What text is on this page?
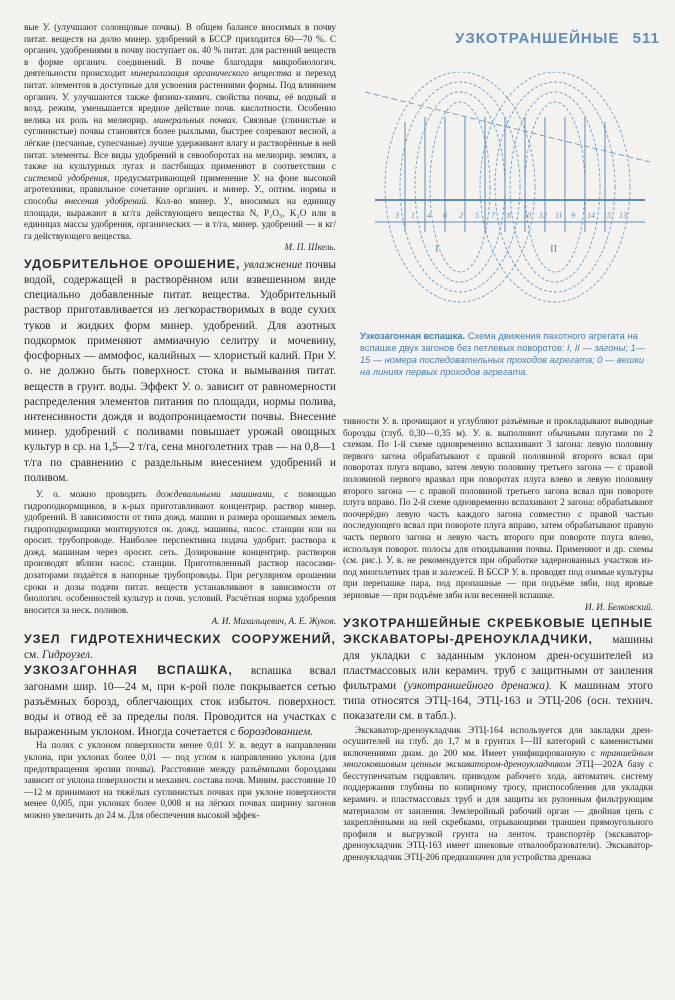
УЗКОТРАНШЕЙНЫЕ 511

вые У. (улучшают солонцовые почвы). В общем балансе вносимых в почву питат. веществ на долю минер. удобрений в БССР приходится 60—70 %. С органич. удобрениями в почву поступает ок. 40 % питат. для растений веществ в форме органич. соединений. В почве благодаря микробиологич. деятельности происходит минерализация органического вещества и переход питат. элементов в доступные для усвоения растениями формы. Под влиянием органич. У. улучшаются также физико-химич. свойства почвы, её водный и возд. режим, уменьшается вредное действие почв. кислотности. Особенно велика их роль на мелиорир. минеральных почвах. Связные (глинистые и суглинистые) почвы становятся более рыхлыми, быстрее созревают весной, а лёгкие (песчаные, супесчаные) лучше удерживают влагу и растворённые в ней питат. элементы. Все виды удобрений в севооборотах на мелиорир. землях, а также на культурных лугах и пастбищах применяют в соответствии с системой удобрения, предусматривающей применение У. на фоне высокой агротехники, правильное сочетание органич. и минер. У., оптим. нормы и способы внесения удобрений. Кол-во минер. У., вносимых на единицу площади, выражают в кг/га действующего вещества N, P₂O₅, K₂O или в единицах массы удобрения, органических — в т/га, минер. удобрений — в кг/га действующего вещества.

М. П. Шкель.

УДОБРИТЕЛЬНОЕ ОРОШЕНИЕ, увлажнение почвы водой, содержащей в растворённом или взвешенном виде специально добавленные питат. вещества. Удобрительный раствор приготавливается из легкорастворимых в воде сухих туков и жидких форм минер. удобрений. Для азотных подкормок применяют аммиачную селитру и мочевину, фосфорных — аммофос, калийных — хлористый калий. При У. о. не должно быть поверхност. стока и вымывания питат. веществ в грунт. воды. Эффект У. о. зависит от равномерности распределения элементов питания по площади, нормы полива, интенсивности дождя и водопроницаемости почвы. Внесение минер. удобрений с поливами повышает урожай овощных культур в ср. на 1,5—2 т/га, сена многолетних трав — на 0,8—1 т/га по сравнению с раздельным внесением удобрений и поливом.

У. о. можно проводить дождевальными машинами, с помощью гидроподкормщиков, в к-рых приготавливают концентрир. раствор минер. удобрений. В зависимости от типа дожд. машин и размера орошаемых земель гидроподкормщики монтируются ок. дожд. машины, насос. станции или на оросит. трубопроводе. Наиболее перспективна подача удобрит. раствора к дожд. машинам через оросит. сеть. Дозирование концентрир. растворов производят вблизи насос. станции. Приготовленный раствор насосами-дозаторами подаётся в напорные трубопроводы. При регулярном орошении сроки и дозы подачи питат. веществ устанавливают в зависимости от биологич. особенностей культур и почв. условий. Расчётная норма удобрения вносится за неск. поливов.

А. И. Михальцевич, А. Е. Жуков.

УЗЕЛ ГИДРОТЕХНИЧЕСКИХ СООРУЖЕНИЙ, см. Гидроузел.

УЗКОЗАГОННАЯ ВСПАШКА, вспашка всвал загонами шир. 10—24 м, при к-рой поле покрывается сетью разъёмных борозд, облегчающих сток избыточ. поверхност. воды и отвод её за пределы поля. Проводится на участках с выраженным уклоном. Иногда сочетается с бороздованием.

На полях с уклоном поверхности менее 0,01 У. в. ведут в направлении уклона, при уклонах более 0,01 — под углом к направлению уклона (для предотвращения эрозии почвы). Расстояние между разъёмными бороздами зависит от уклона поверхности и механич. состава почв. Миним. расстояние 10—12 м принимают на тяжёлых суглинистых почвах при уклоне поверхности менее 0,005, при уклонах более 0,008 и на лёгких почвах ширину загонов можно увеличить до 24 м. Для обеспечения высокой эффек-

I	II
3 1 4 6 2 5 7 8 10 12 11 9 14 15 13
Узкозагонная вспашка. Схема движения пахотного агрегата на вспашке двух загонов без петлевых поворотов: I, II — загоны; 1—15 — номера последовательных проходов агрегата; 0 — вешки на линиях первых проходов агрегата.

тивности У. в. прочищают и углубляют разъёмные и прокладывают выводные борозды (глуб. 0,30—0,35 м). У. в. выполняют обычными плугами по 2 схемам. По 1-й схеме одновременно вспахивают 3 загона: левую половину первого загона обрабатывают с правой половиной второго всвал при поворотах плуга вправо, затем левую половину третьего загона — с правой половиной первого вразвал при поворотах плуга влево и левую половину второго загона — с правой половиной третьего загона всвал при повороте плуга вправо. По 2-й схеме одновременно вспахивают 2 загона: обрабатывают поочерёдно левую часть каждого загона совместно с правой частью последующего всвал при повороте плуга вправо, затем обрабатывают правую часть первого загона и левую часть второго при повороте плуга влево, используя поворот. полосы для откидывания почвы. Применяют и др. схемы (см. рис.). У. в. не рекомендуется при обработке задернованных участков из-под многолетних трав и залежей. В БССР У. в. проводят под озимые культуры при перепашке пара, под пропашные — при подъёме зяби, под яровые зерновые — при подъёме зяби или весенней вспашке.

И. И. Белковский.

УЗКОТРАНШЕЙНЫЕ СКРЕБКОВЫЕ ЦЕПНЫЕ ЭКСКАВАТОРЫ-ДРЕНОУКЛАДЧИКИ, машины для укладки с заданным уклоном дрен-осушителей из пластмассовых или керамич. труб с защитными от заиления фильтрами (узкотраншейного дренажа). К машинам этого типа относятся ЭТЦ-164, ЭТЦ-163 и ЭТЦ-206 (осн. технич. показатели см. в табл.).

Экскаватор-дреноукладчик ЭТЦ-164 используется для закладки дрен-осушителей на глуб. до 1,7 м в грунтах I—III категорий с каменистыми включениями диам. до 200 мм. Имеет унифицированную с траншейным многоковшовым цепным экскаватором-дреноукладчиком ЭТЦ—202А базу с бесступенчатым гидравлич. приводом рабочего хода, автоматич. систему поддержания глубины по копирному тросу, приспособления для укладки керамич. и пластмассовых труб и для защиты их рулонным фильтрующим материалом от заиления. Землеройный рабочий орган — двойная цепь с закреплёнными на ней скребками, отрывающими траншеи прямоугольного профиля и выгрузкой грунта на ленточ. транспортёр (экскаватор-дреноукладчик ЭТЦ-163 имеет шнековые отвалообразователи). Экскаватор-дреноукладчик ЭТЦ-206 предназначен для устройства дренажа
